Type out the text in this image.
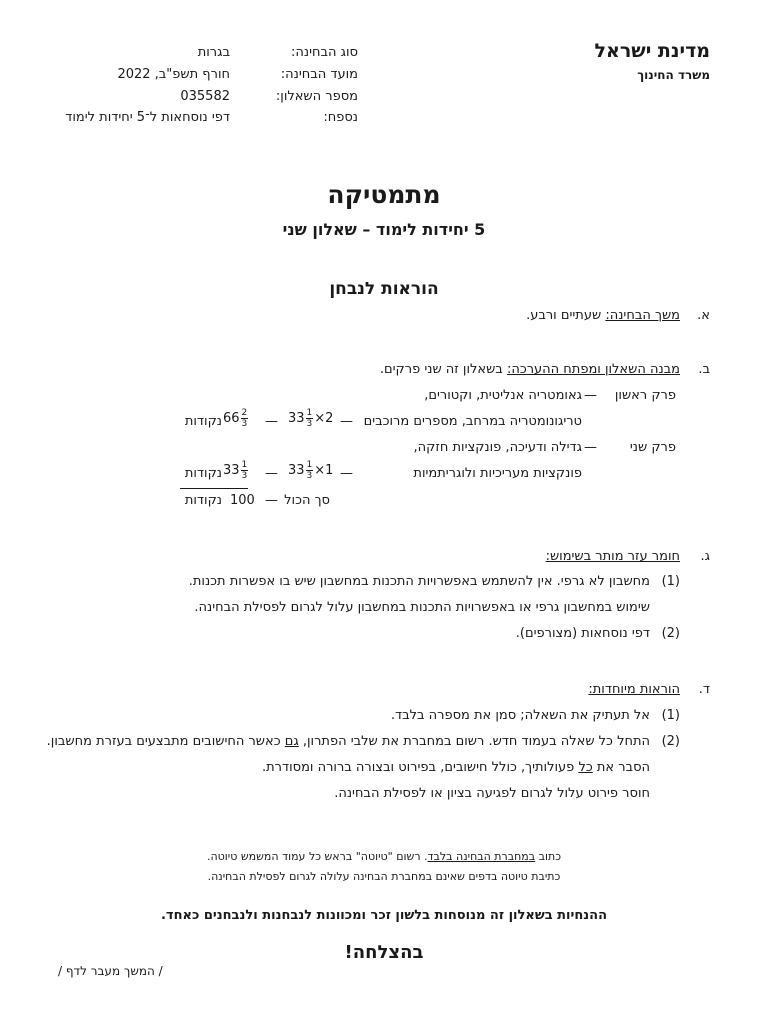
מדינת ישראל
משרד החינוך
סוג הבחינה:
בגרות
מועד הבחינה:
חורף תשפ"ב, 2022
מספר השאלון:
035582
נספח:
דפי נוסחאות ל־5 יחידות לימוד
מתמטיקה
5 יחידות לימוד – שאלון שני
הוראות לנבחן
א.
משך הבחינה: שעתיים ורבע.
ב.
מבנה השאלון ומפתח ההערכה: בשאלון זה שני פרקים.
פרק ראשון
—
גאומטריה אנליטית, וקטורים,
טריגונומטריה במרחב, מספרים מרוכבים
—
$33 \frac{1}{3} \times 2$
—
$66 \frac{2}{3}$
נקודות
פרק שני
—
גדילה ודעיכה, פונקציות חזקה,
פונקציות מעריכיות ולוגריתמיות
—
$33 \frac{1}{3} \times 1$
—
$33 \frac{1}{3}$
נקודות
סך הכול
—
100
נקודות
ג.
חומר עזר מותר בשימוש:
(1)
מחשבון לא גרפי. אין להשתמש באפשרויות התכנות במחשבון שיש בו אפשרות תכנות.
שימוש במחשבון גרפי או באפשרויות התכנות במחשבון עלול לגרום לפסילת הבחינה.
(2)
דפי נוסחאות (מצורפים).
ד.
הוראות מיוחדות:
(1)
אל תעתיק את השאלה; סמן את מספרה בלבד.
(2)
התחל כל שאלה בעמוד חדש. רשום במחברת את שלבי הפתרון, גם כאשר החישובים מתבצעים בעזרת מחשבון.
הסבר את כל פעולותיך, כולל חישובים, בפירוט ובצורה ברורה ומסודרת.
חוסר פירוט עלול לגרום לפגיעה בציון או לפסילת הבחינה.
כתוב במחברת הבחינה בלבד. רשום "טיוטה" בראש כל עמוד המשמש טיוטה.
כתיבת טיוטה בדפים שאינם במחברת הבחינה עלולה לגרום לפסילת הבחינה.
ההנחיות בשאלון זה מנוסחות בלשון זכר ומכוונות לנבחנות ולנבחנים כאחד.
בהצלחה!
/ המשך מעבר לדף /
